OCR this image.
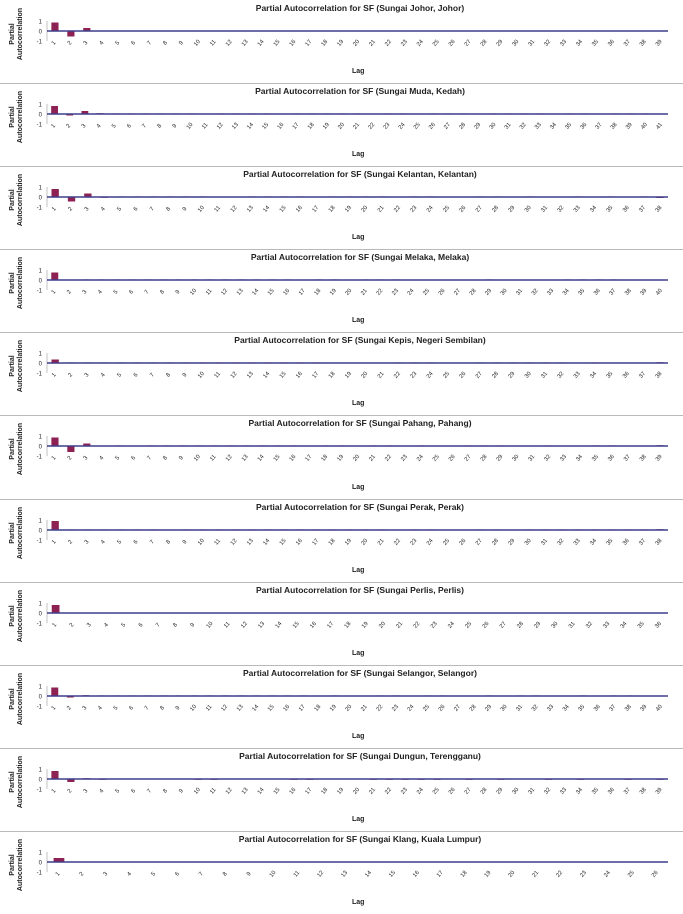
Partial Autocorrelation for SF (Sungai Johor, Johor)
Partial Autocorrelation
Lag
1
0
-1 1 2 3 4 5 6 7 8 9 10 11 12 13 14 15 16 17 18 19 20 21 22 23 24 25 26 27 28 29 30 31 32 33 34 35 36 37 38 39
Partial Autocorrelation for SF (Sungai Muda, Kedah)
Partial Autocorrelation
Lag
1
0
-1 1 2 3 4 5 6 7 8 9 10 11 12 13 14 15 16 17 18 19 20 21 22 23 24 25 26 27 28 29 30 31 32 33 34 35 36 37 38 39 40 41
Partial Autocorrelation for SF (Sungai Kelantan, Kelantan)
Partial Autocorrelation
Lag
1
0
-1 1 2 3 4 5 6 7 8 9 10 11 12 13 14 15 16 17 18 19 20 21 22 23 24 25 26 27 28 29 30 31 32 33 34 35 36 37 38
Partial Autocorrelation for SF (Sungai Melaka, Melaka)
Partial Autocorrelation
Lag
1
0
-1 1 2 3 4 5 6 7 8 9 10 11 12 13 14 15 16 17 18 19 20 21 22 23 24 25 26 27 28 29 30 31 32 33 34 35 36 37 38 39 40
Partial Autocorrelation for SF (Sungai Kepis, Negeri Sembilan)
Partial Autocorrelation
Lag
1
0
-1 1 2 3 4 5 6 7 8 9 10 11 12 13 14 15 16 17 18 19 20 21 22 23 24 25 26 27 28 29 30 31 32 33 34 35 36 37 38
Partial Autocorrelation for SF (Sungai Pahang, Pahang)
Partial Autocorrelation
Lag
1
0
-1 1 2 3 4 5 6 7 8 9 10 11 12 13 14 15 16 17 18 19 20 21 22 23 24 25 26 27 28 29 30 31 32 33 34 35 36 37 38 39
Partial Autocorrelation for SF (Sungai Perak, Perak)
Partial Autocorrelation
Lag
1
0
-1 1 2 3 4 5 6 7 8 9 10 11 12 13 14 15 16 17 18 19 20 21 22 23 24 25 26 27 28 29 30 31 32 33 34 35 36 37 38
Partial Autocorrelation for SF (Sungai Perlis, Perlis)
Partial Autocorrelation
Lag
1
0
-1 1 2 3 4 5 6 7 8 9 10 11 12 13 14 15 16 17 18 19 20 21 22 23 24 25 26 27 28 29 30 31 32 33 34 35 36
Partial Autocorrelation for SF (Sungai Selangor, Selangor)
Partial Autocorrelation
Lag
1
0
-1 1 2 3 4 5 6 7 8 9 10 11 12 13 14 15 16 17 18 19 20 21 22 23 24 25 26 27 28 29 30 31 32 33 34 35 36 37 38 39 40
Partial Autocorrelation for SF (Sungai Dungun, Terengganu)
Partial Autocorrelation
Lag
1
0
-1 1 2 3 4 5 6 7 8 9 10 11 12 13 14 15 16 17 18 19 20 21 22 23 24 25 26 27 28 29 30 31 32 33 34 35 36 37 38 39
Partial Autocorrelation for SF (Sungai Klang, Kuala Lumpur)
Partial Autocorrelation
Lag
1
0
-1 1	2	3	4	5	6	7	8	9	10	11	12	13	14	15	16	17	18	19	20	21	22	23	24	25	26
